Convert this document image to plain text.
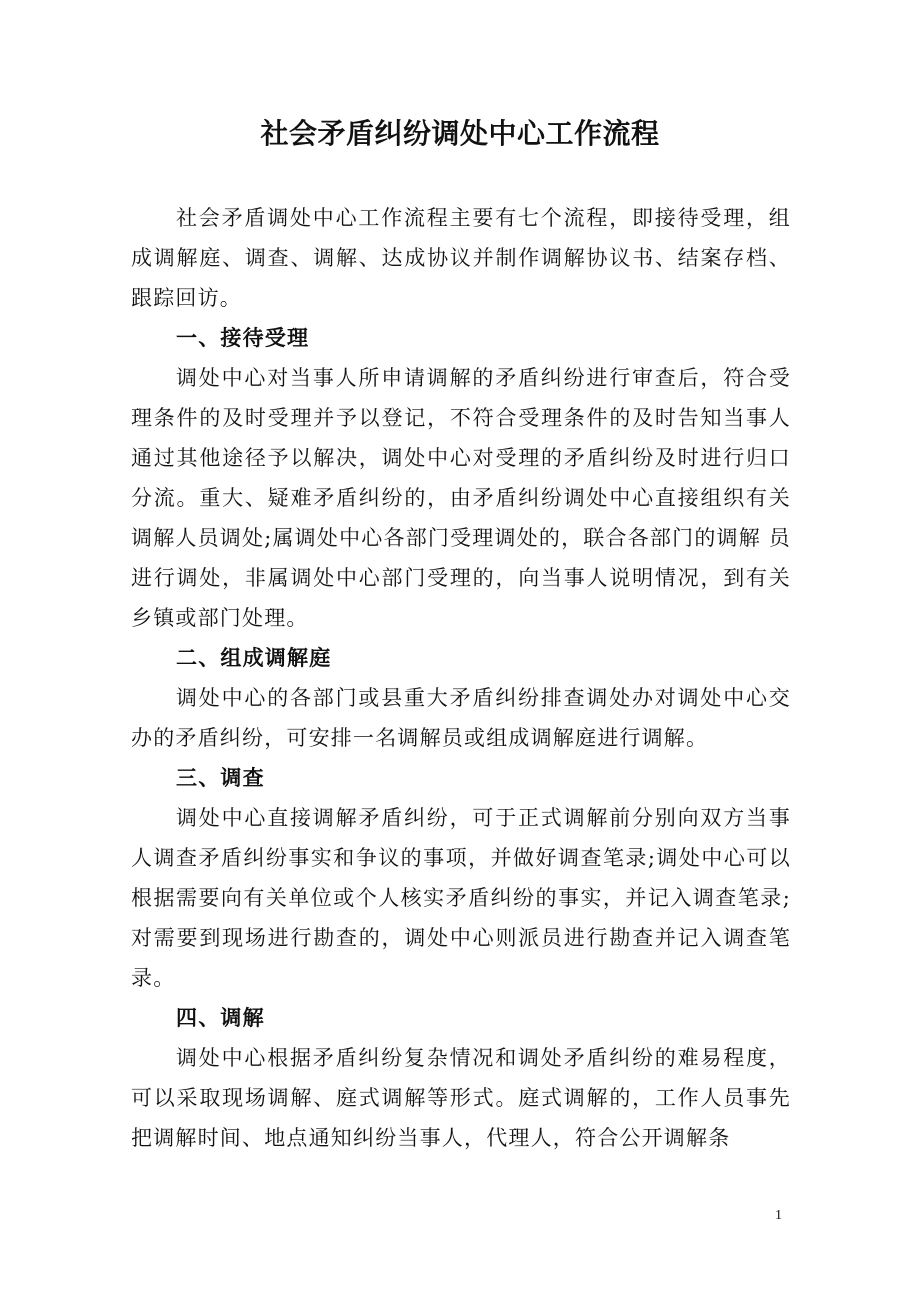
社会矛盾纠纷调处中心工作流程

社会矛盾调处中心工作流程主要有七个流程，即接待受理，组成调解庭、调查、调解、达成协议并制作调解协议书、结案存档、跟踪回访。

一、接待受理

调处中心对当事人所申请调解的矛盾纠纷进行审查后，符合受理条件的及时受理并予以登记，不符合受理条件的及时告知当事人通过其他途径予以解决，调处中心对受理的矛盾纠纷及时进行归口分流。重大、疑难矛盾纠纷的，由矛盾纠纷调处中心直接组织有关调解人员调处;属调处中心各部门受理调处的，联合各部门的调解 员进行调处，非属调处中心部门受理的，向当事人说明情况，到有关乡镇或部门处理。

二、组成调解庭

调处中心的各部门或县重大矛盾纠纷排查调处办对调处中心交办的矛盾纠纷，可安排一名调解员或组成调解庭进行调解。

三、调查

调处中心直接调解矛盾纠纷，可于正式调解前分别向双方当事人调查矛盾纠纷事实和争议的事项，并做好调查笔录;调处中心可以根据需要向有关单位或个人核实矛盾纠纷的事实，并记入调查笔录;对需要到现场进行勘查的，调处中心则派员进行勘查并记入调查笔录。

四、调解

调处中心根据矛盾纠纷复杂情况和调处矛盾纠纷的难易程度，可以采取现场调解、庭式调解等形式。庭式调解的，工作人员事先把调解时间、地点通知纠纷当事人，代理人，符合公开调解条

1
